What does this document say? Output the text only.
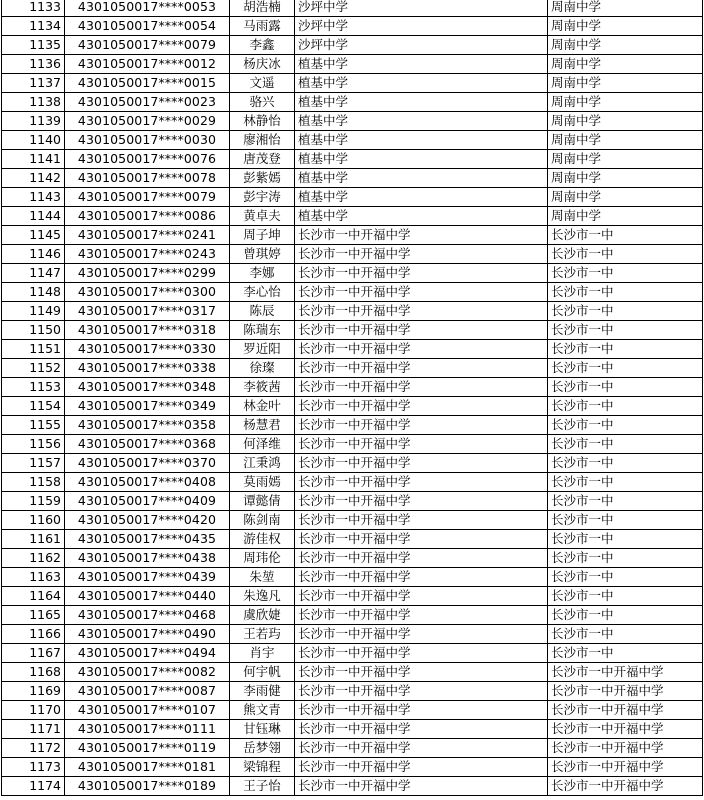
1133	4301050017****0053	胡浩楠	沙坪中学	周南中学
1134	4301050017****0054	马雨露	沙坪中学	周南中学
1135	4301050017****0079	李鑫	沙坪中学	周南中学
1136	4301050017****0012	杨庆冰	植基中学	周南中学
1137	4301050017****0015	文遥	植基中学	周南中学
1138	4301050017****0023	骆兴	植基中学	周南中学
1139	4301050017****0029	林静怡	植基中学	周南中学
1140	4301050017****0030	廖湘怡	植基中学	周南中学
1141	4301050017****0076	唐茂登	植基中学	周南中学
1142	4301050017****0078	彭紫嫣	植基中学	周南中学
1143	4301050017****0079	彭宇涛	植基中学	周南中学
1144	4301050017****0086	黄卓夫	植基中学	周南中学
1145	4301050017****0241	周子坤	长沙市一中开福中学	长沙市一中
1146	4301050017****0243	曾琪婷	长沙市一中开福中学	长沙市一中
1147	4301050017****0299	李娜	长沙市一中开福中学	长沙市一中
1148	4301050017****0300	李心怡	长沙市一中开福中学	长沙市一中
1149	4301050017****0317	陈辰	长沙市一中开福中学	长沙市一中
1150	4301050017****0318	陈瑞东	长沙市一中开福中学	长沙市一中
1151	4301050017****0330	罗近阳	长沙市一中开福中学	长沙市一中
1152	4301050017****0338	徐璨	长沙市一中开福中学	长沙市一中
1153	4301050017****0348	李筱茜	长沙市一中开福中学	长沙市一中
1154	4301050017****0349	林金叶	长沙市一中开福中学	长沙市一中
1155	4301050017****0358	杨慧君	长沙市一中开福中学	长沙市一中
1156	4301050017****0368	何泽维	长沙市一中开福中学	长沙市一中
1157	4301050017****0370	江秉鸿	长沙市一中开福中学	长沙市一中
1158	4301050017****0408	莫雨嫣	长沙市一中开福中学	长沙市一中
1159	4301050017****0409	谭懿倩	长沙市一中开福中学	长沙市一中
1160	4301050017****0420	陈剑南	长沙市一中开福中学	长沙市一中
1161	4301050017****0435	游佳权	长沙市一中开福中学	长沙市一中
1162	4301050017****0438	周玮伦	长沙市一中开福中学	长沙市一中
1163	4301050017****0439	朱堃	长沙市一中开福中学	长沙市一中
1164	4301050017****0440	朱逸凡	长沙市一中开福中学	长沙市一中
1165	4301050017****0468	虞欣婕	长沙市一中开福中学	长沙市一中
1166	4301050017****0490	王若玙	长沙市一中开福中学	长沙市一中
1167	4301050017****0494	肖宇	长沙市一中开福中学	长沙市一中
1168	4301050017****0082	何宇帆	长沙市一中开福中学	长沙市一中开福中学
1169	4301050017****0087	李雨健	长沙市一中开福中学	长沙市一中开福中学
1170	4301050017****0107	熊文青	长沙市一中开福中学	长沙市一中开福中学
1171	4301050017****0111	甘钰琳	长沙市一中开福中学	长沙市一中开福中学
1172	4301050017****0119	岳梦翎	长沙市一中开福中学	长沙市一中开福中学
1173	4301050017****0181	梁锦程	长沙市一中开福中学	长沙市一中开福中学
1174	4301050017****0189	王子怡	长沙市一中开福中学	长沙市一中开福中学
